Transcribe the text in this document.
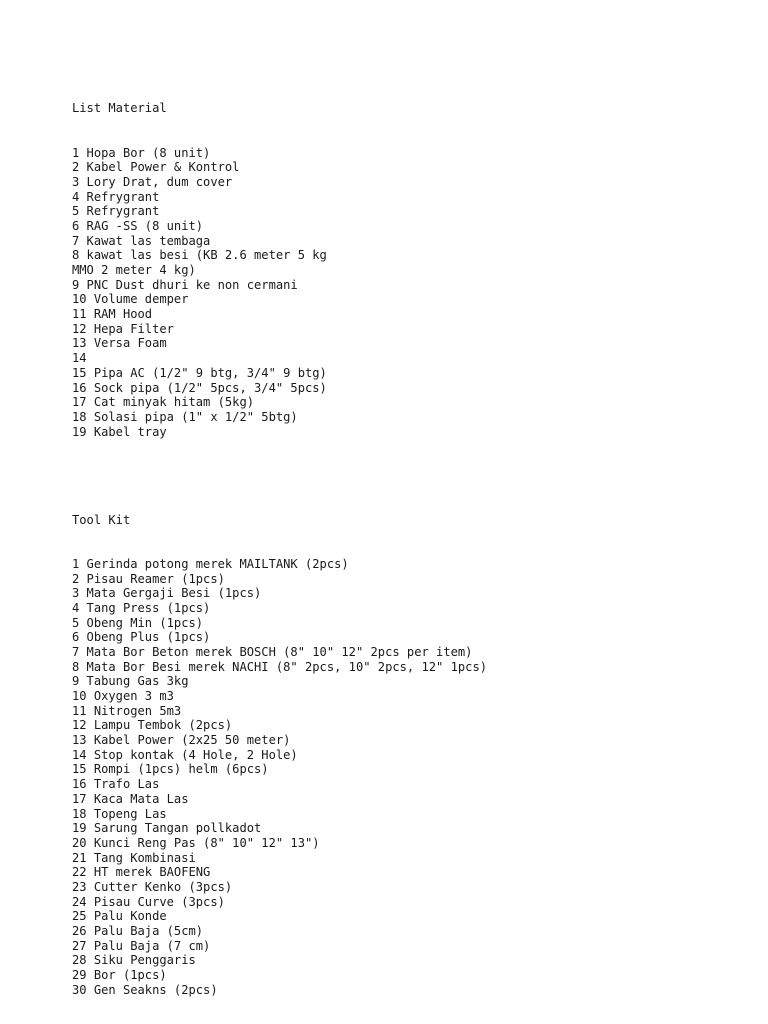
List Material

1 Hopa Bor (8 unit)
2 Kabel Power & Kontrol
3 Lory Drat, dum cover
4 Refrygrant
5 Refrygrant
6 RAG -SS (8 unit)
7 Kawat las tembaga
8 kawat las besi (KB 2.6 meter 5 kg
MMO 2 meter 4 kg)
9 PNC Dust dhuri ke non cermani
10 Volume demper
11 RAM Hood
12 Hepa Filter
13 Versa Foam
14
15 Pipa AC (1/2" 9 btg, 3/4" 9 btg)
16 Sock pipa (1/2" 5pcs, 3/4" 5pcs)
17 Cat minyak hitam (5kg)
18 Solasi pipa (1" x 1/2" 5btg)
19 Kabel tray

Tool Kit

1 Gerinda potong merek MAILTANK (2pcs)
2 Pisau Reamer (1pcs)
3 Mata Gergaji Besi (1pcs)
4 Tang Press (1pcs)
5 Obeng Min (1pcs)
6 Obeng Plus (1pcs)
7 Mata Bor Beton merek BOSCH (8" 10" 12" 2pcs per item)
8 Mata Bor Besi merek NACHI (8" 2pcs, 10" 2pcs, 12" 1pcs)
9 Tabung Gas 3kg
10 Oxygen 3 m3
11 Nitrogen 5m3
12 Lampu Tembok (2pcs)
13 Kabel Power (2x25 50 meter)
14 Stop kontak (4 Hole, 2 Hole)
15 Rompi (1pcs) helm (6pcs)
16 Trafo Las
17 Kaca Mata Las
18 Topeng Las
19 Sarung Tangan pollkadot
20 Kunci Reng Pas (8" 10" 12" 13")
21 Tang Kombinasi
22 HT merek BAOFENG
23 Cutter Kenko (3pcs)
24 Pisau Curve (3pcs)
25 Palu Konde
26 Palu Baja (5cm)
27 Palu Baja (7 cm)
28 Siku Penggaris
29 Bor (1pcs)
30 Gen Seakns (2pcs)
